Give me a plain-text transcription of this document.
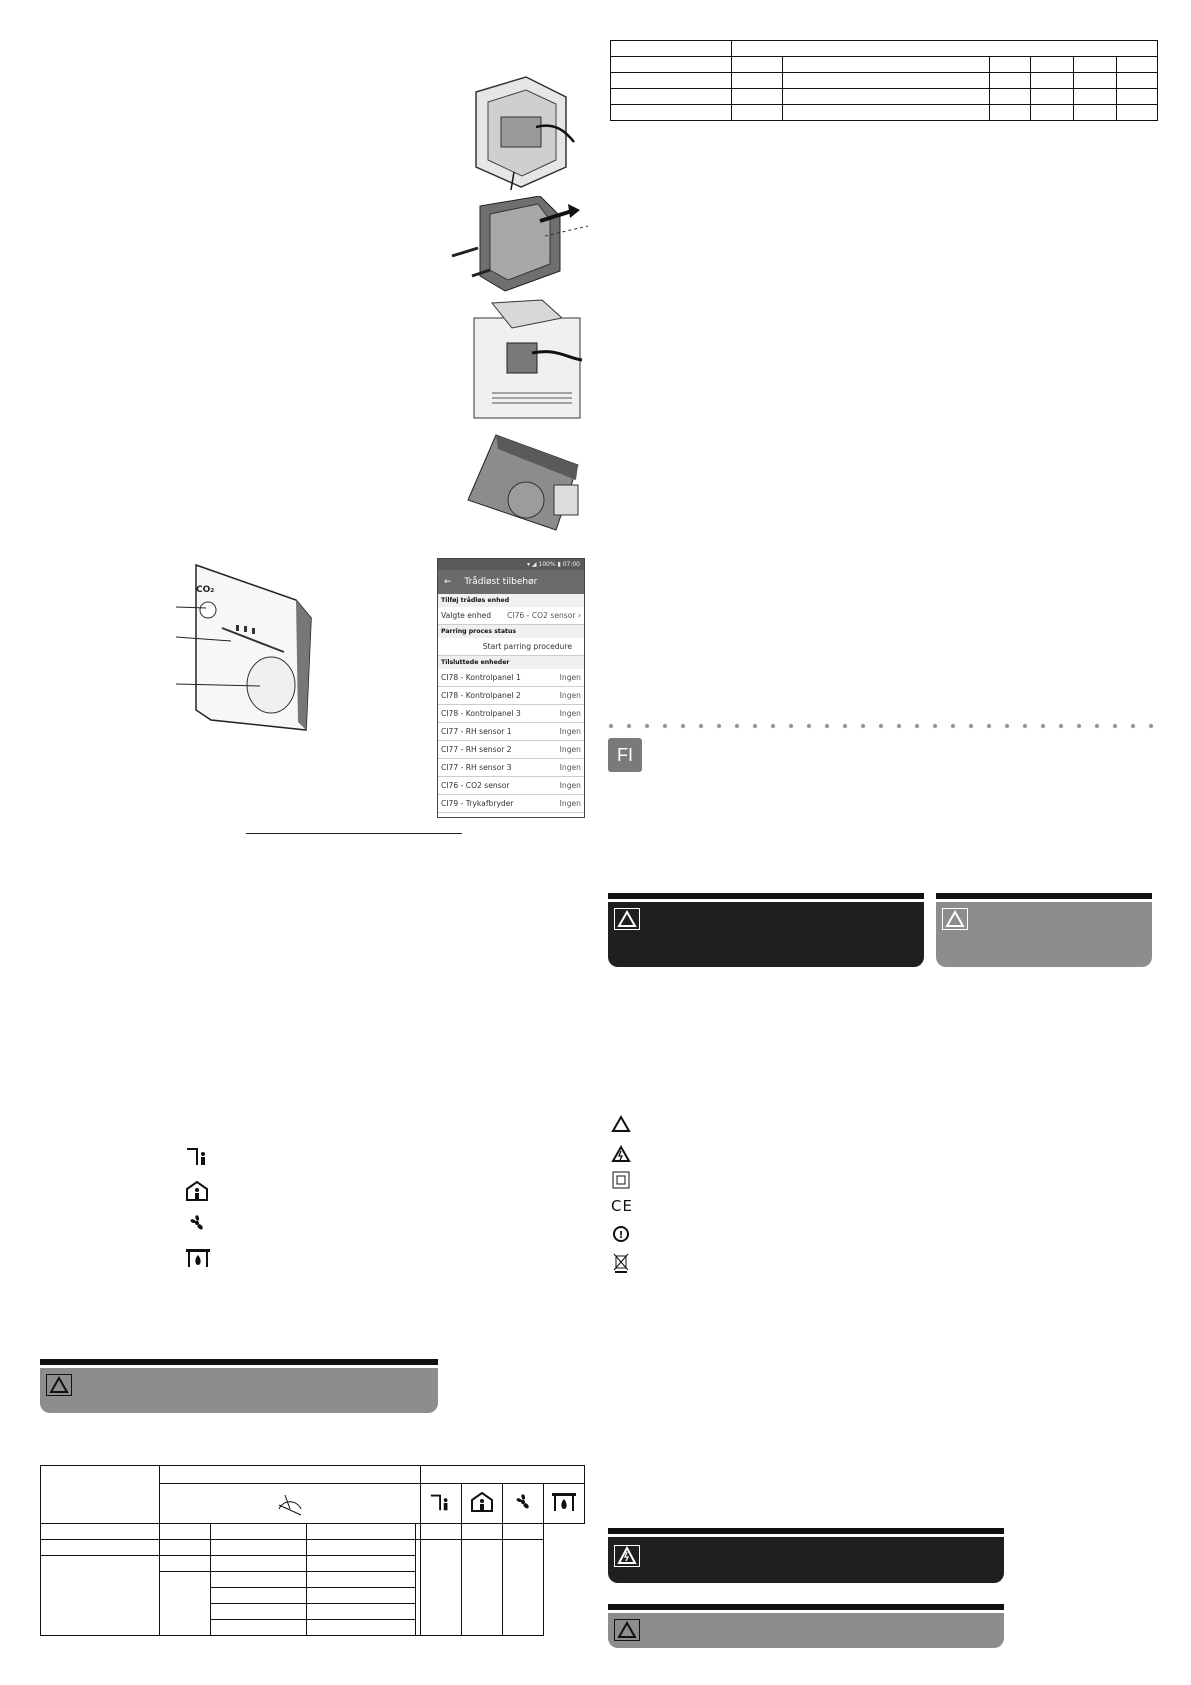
CO₂
▾ ◢ 100% ▮ 07:00
← Trådløst tilbehør
Tilføj trådløs enhed
Valgte enhed CI76 - CO2 sensor ›
Parring proces status
Start parring procedure
Tilsluttede enheder
CI78 - Kontrolpanel 1	Ingen
CI78 - Kontrolpanel 2	Ingen
CI78 - Kontrolpanel 3	Ingen
CI77 - RH sensor 1	Ingen
CI77 - RH sensor 2	Ingen
CI77 - RH sensor 3	Ingen
CI76 - CO2 sensor	Ingen
CI79 - Trykafbryder	Ingen
FI
CE
!
